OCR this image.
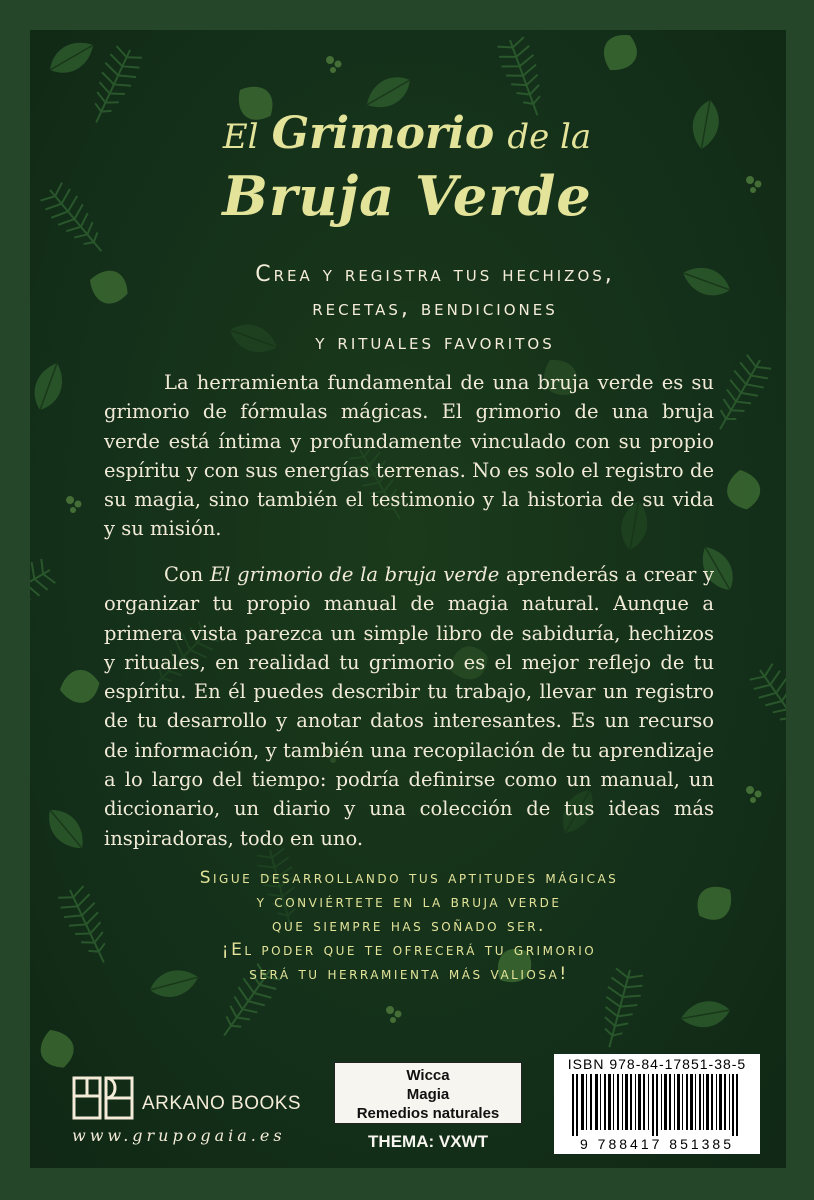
El Grimorio de la
Bruja Verde
Crea y registra tus hechizos,
recetas, bendiciones
y rituales favoritos

La herramienta fundamental de una bruja verde es su grimorio de fórmulas mágicas. El grimorio de una bruja verde está íntima y profundamente vinculado con su propio espíritu y con sus energías terrenas. No es solo el registro de su magia, sino también el testimonio y la historia de su vida y su misión.

Con El grimorio de la bruja verde aprenderás a crear y organizar tu propio manual de magia natural. Aunque a primera vista parezca un simple libro de sabiduría, hechizos y rituales, en realidad tu grimorio es el mejor reflejo de tu espíritu. En él puedes describir tu trabajo, llevar un registro de tu desarrollo y anotar datos interesantes. Es un recurso de información, y también una recopilación de tu aprendizaje a lo largo del tiempo: podría definirse como un manual, un diccionario, un diario y una colección de tus ideas más inspiradoras, todo en uno.

Sigue desarrollando tus aptitudes mágicas
y conviértete en la bruja verde
que siempre has soñado ser.
¡El poder que te ofrecerá tu grimorio
será tu herramienta más valiosa!
ARKANO BOOKS
www.grupogaia.es
Wicca
Magia
Remedios naturales
THEMA: VXWT
ISBN 978-84-17851-38-5
9 788417 851385
